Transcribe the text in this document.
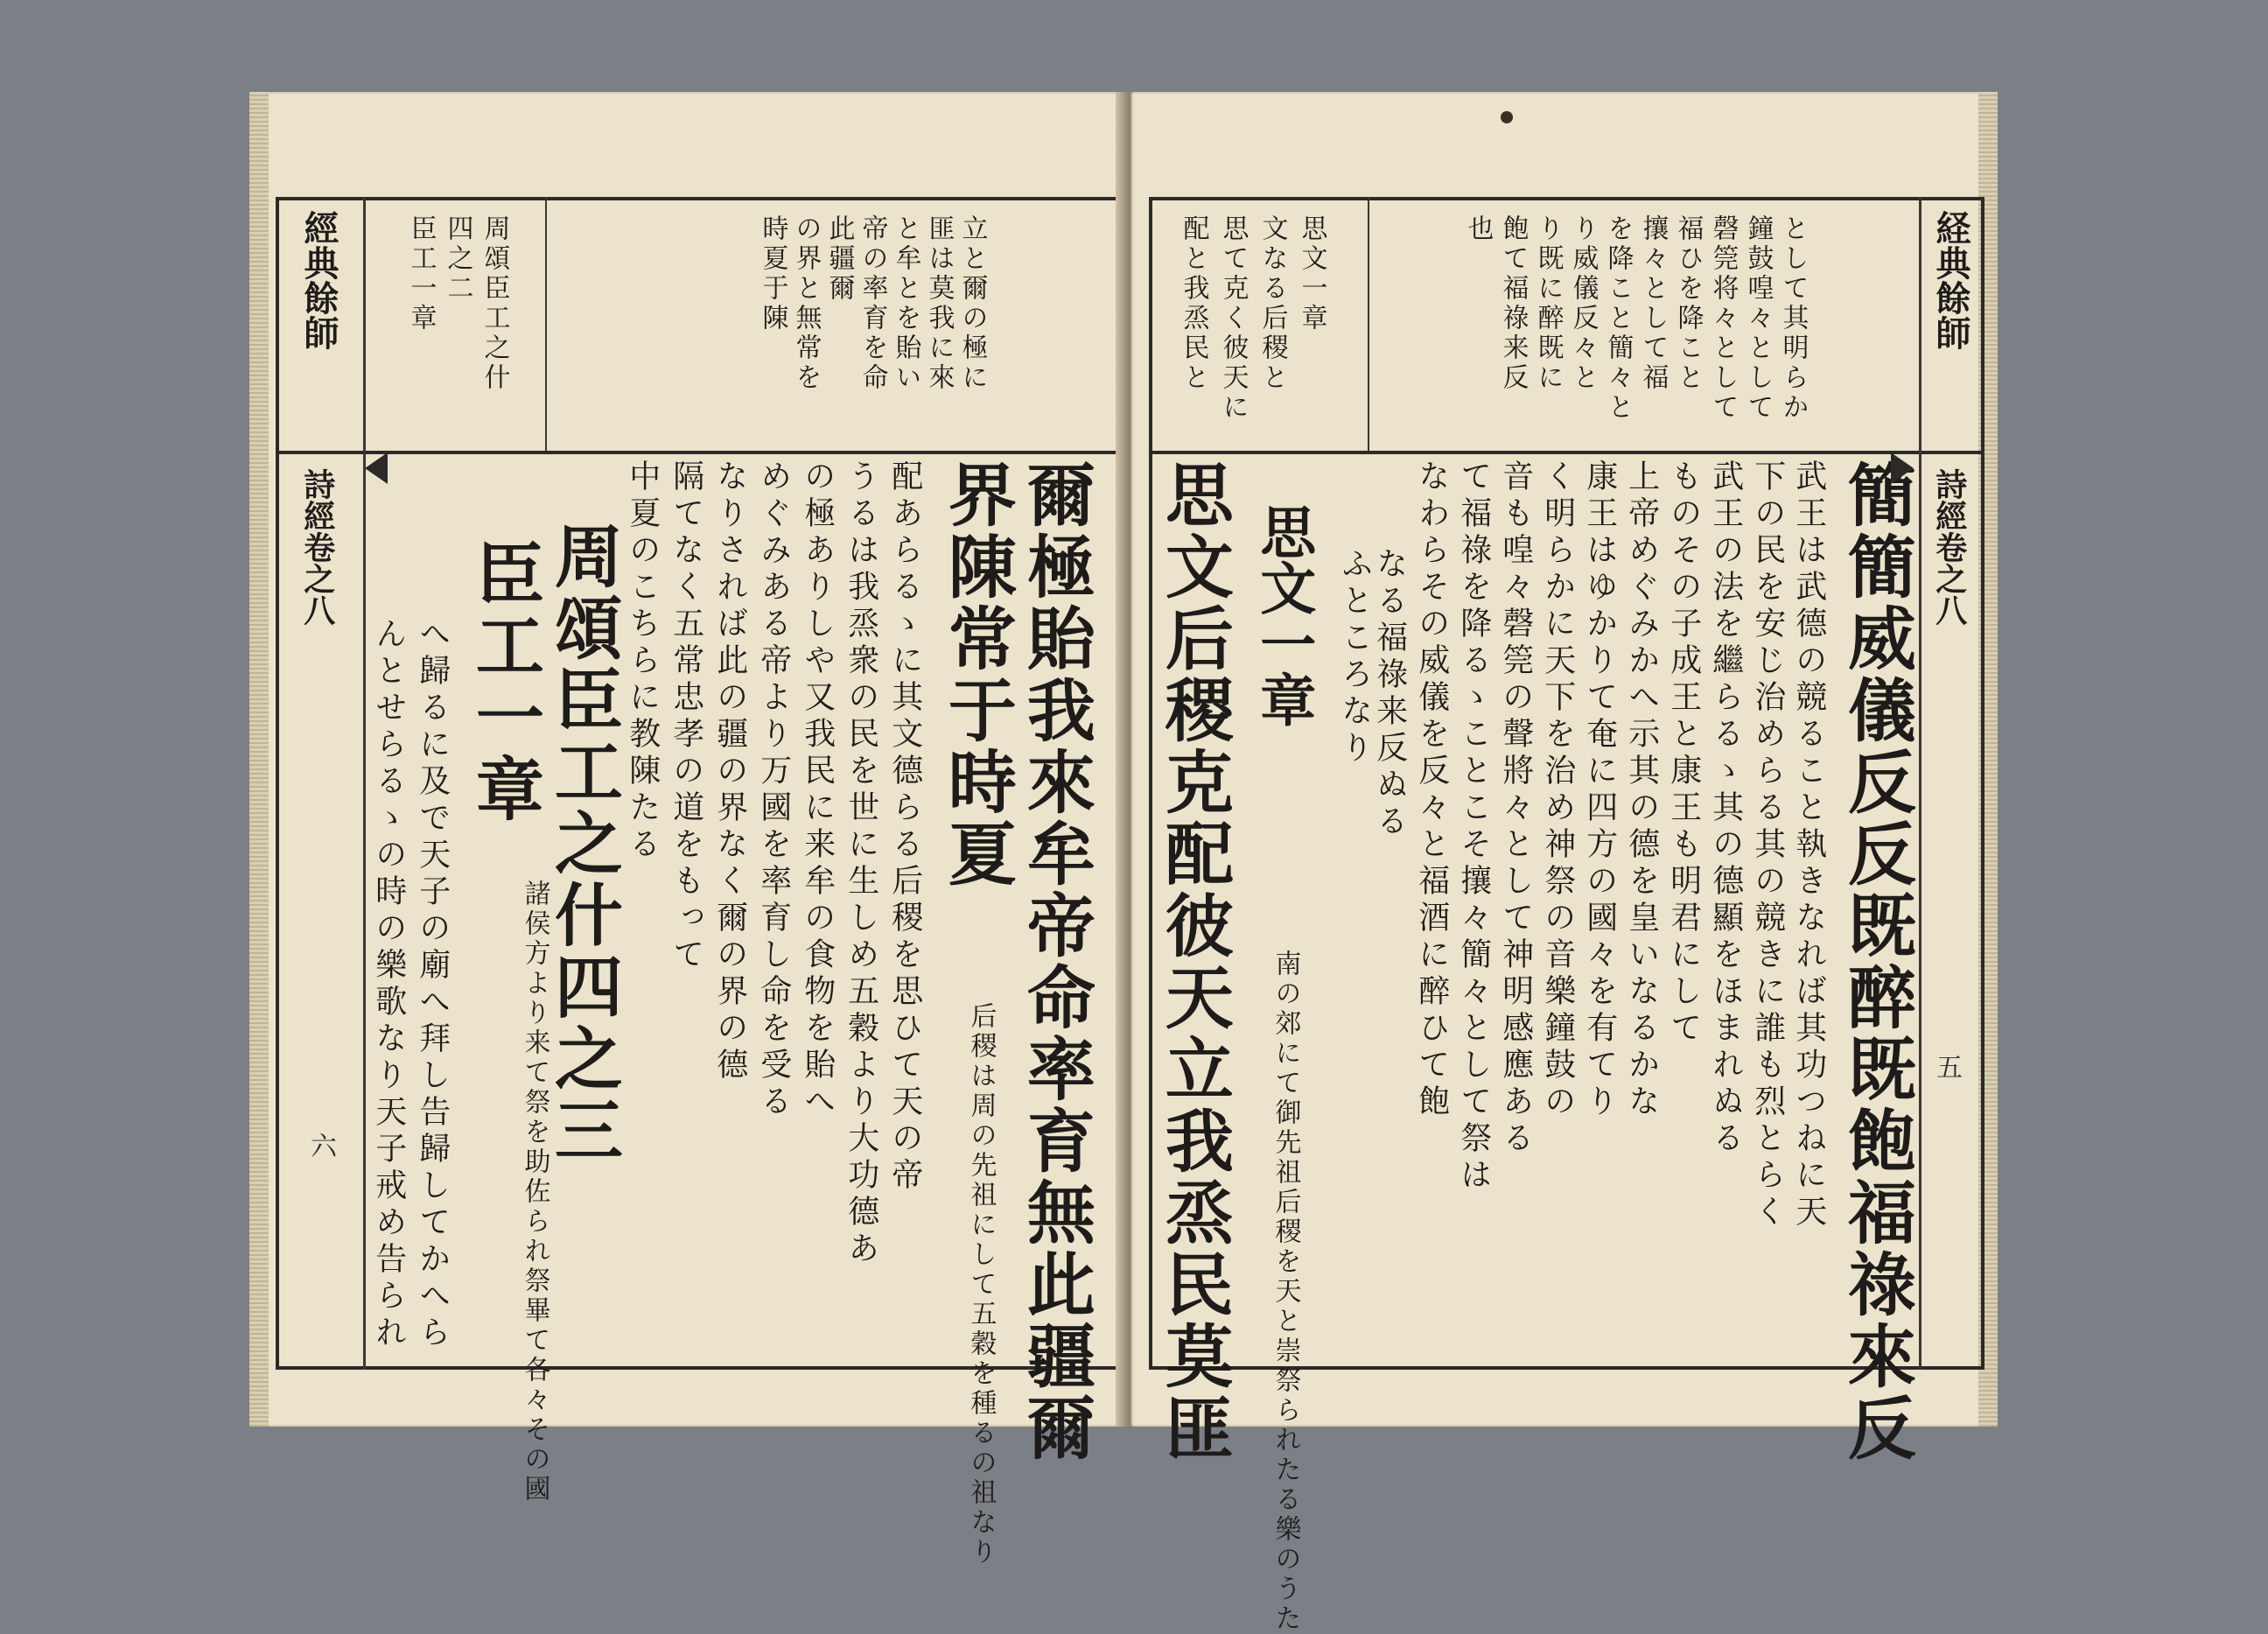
經典餘師
詩經卷之八
六
時夏于陳 の界と無常を 此疆爾 帝の率育を命 と牟とを貽い 匪は莫我に來 立と爾の極に
臣工一章 四之二 周頌臣工之什
爾極貽我來牟帝命率育無此疆爾
界陳常于時夏
后稷は周の先祖にして五穀を種るの祖なり
配あらるゝに其文德らる后稷を思ひて天の帝
うるは我烝衆の民を世に生しめ五穀より大功德あ
の極ありしや又我民に来牟の食物を貽へ
めぐみある帝より万國を率育し命を受る
なりされば此の疆の界なく爾の界の德
隔てなく五常忠孝の道をもって
中夏のこちらに教陳たる
周頌臣工之什四之三
臣工一章
諸侯方より来て祭を助佐られ祭畢て各々その國
へ歸るに及で天子の廟へ拜し告歸してかへら
んとせらるゝの時の樂歌なり天子戒め告られ
経典餘師
詩經卷之八
五
也 飽て福祿来反 り既に醉既に り威儀反々と を降こと簡々と 攘々として福 福ひを降こと 磬筦将々として 鐘鼓喤々として として其明らか
思文一章
文なる后稷と
思て克く彼天に
配と我烝民と
簡簡威儀反反既醉既飽福祿來反
武王は武德の競ること執きなれば其功つねに天
下の民を安じ治めらる其の競きに誰も烈とらく
武王の法を繼らるゝ其の德顯をほまれぬる
ものその子成王と康王も明君にして
上帝めぐみかへ示其の德を皇いなるかな
康王はゆかりて奄に四方の國々を有てり
く明らかに天下を治め神祭の音樂鐘鼓の
音も喤々磬筦の聲將々として神明感應ある
て福祿を降るゝことこそ攘々簡々として祭は
なわらその威儀を反々と福酒に醉ひて飽
なる福祿来反ぬる
ふところなり
思文一章
南の郊にて御先祖后稷を天と崇祭られたる樂のうた
思文后稷克配彼天立我烝民莫匪
